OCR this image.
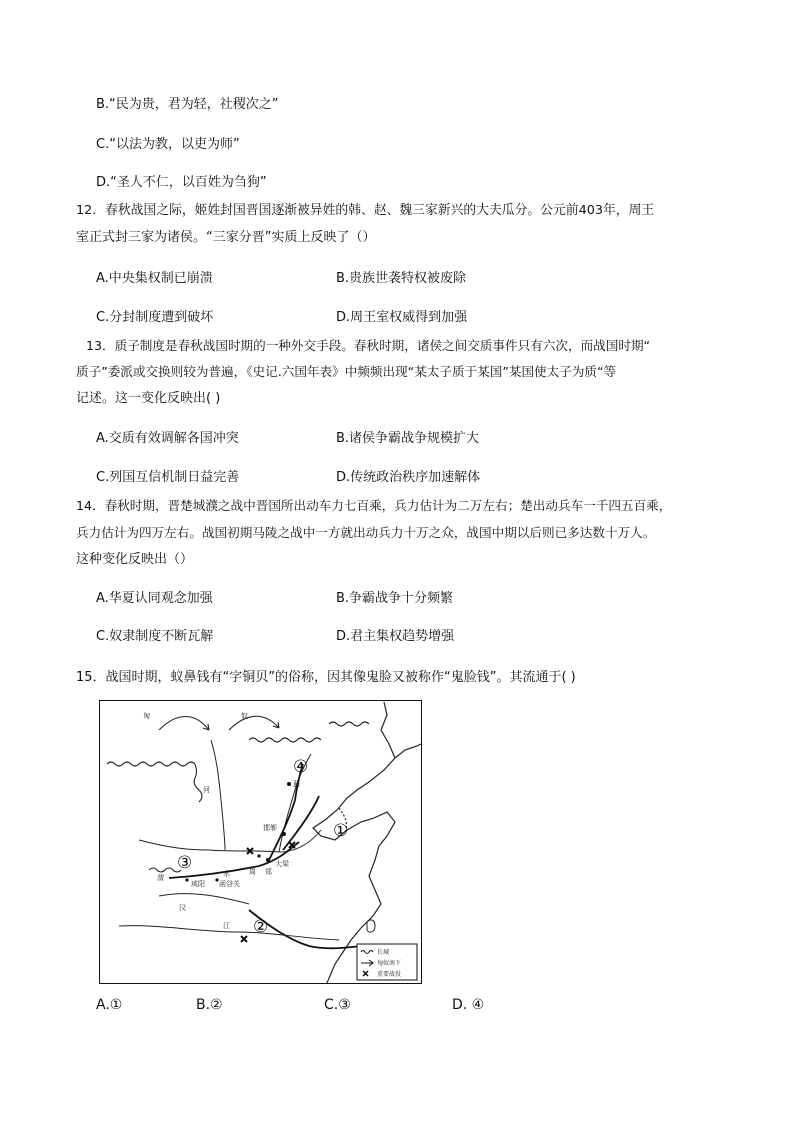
B.“民为贵，君为轻，社稷次之”
C.“以法为教，以吏为师”
D.“圣人不仁，以百姓为刍狗”
12．春秋战国之际，姬姓封国晋国逐渐被异姓的韩、赵、魏三家新兴的大夫瓜分。公元前403年，周王
室正式封三家为诸侯。“三家分晋”实质上反映了（）
A.中央集权制已崩溃	B.贵族世袭特权被废除
C.分封制度遭到破坏	D.周王室权威得到加强
13．质子制度是春秋战国时期的一种外交手段。春秋时期，诸侯之间交质事件只有六次，而战国时期“
质子”委派或交换则较为普遍，《史记.六国年表》中频频出现“某太子质于某国”某国使太子为质“等
记述。这一变化反映出( )
A.交质有效调解各国冲突	B.诸侯争霸战争规模扩大
C.列国互信机制日益完善	D.传统政治秩序加速解体
14．春秋时期，晋楚城濮之战中晋国所出动车力七百乘，兵力估计为二万左右；楚出动兵车一千四五百乘，
兵力估计为四万左右。战国初期马陵之战中一方就出动兵力十万之众，战国中期以后则已多达数十万人。
这种变化反映出（）
A.华夏认同观念加强	B.争霸战争十分频繁
C.奴隶制度不断瓦解	D.君主集权趋势增强
15．战国时期，蚁鼻钱有“字铜贝”的俗称，因其像鬼脸又被称作“鬼脸钱”。其流通于( )
匈	奴
河
水
渭
汉
江
咸阳 函谷关
周 郑
大梁
邯郸
蓟
①
②
③
④
长城
匈奴南下
重要战役
A.①	B.②	C.③	D. ④
